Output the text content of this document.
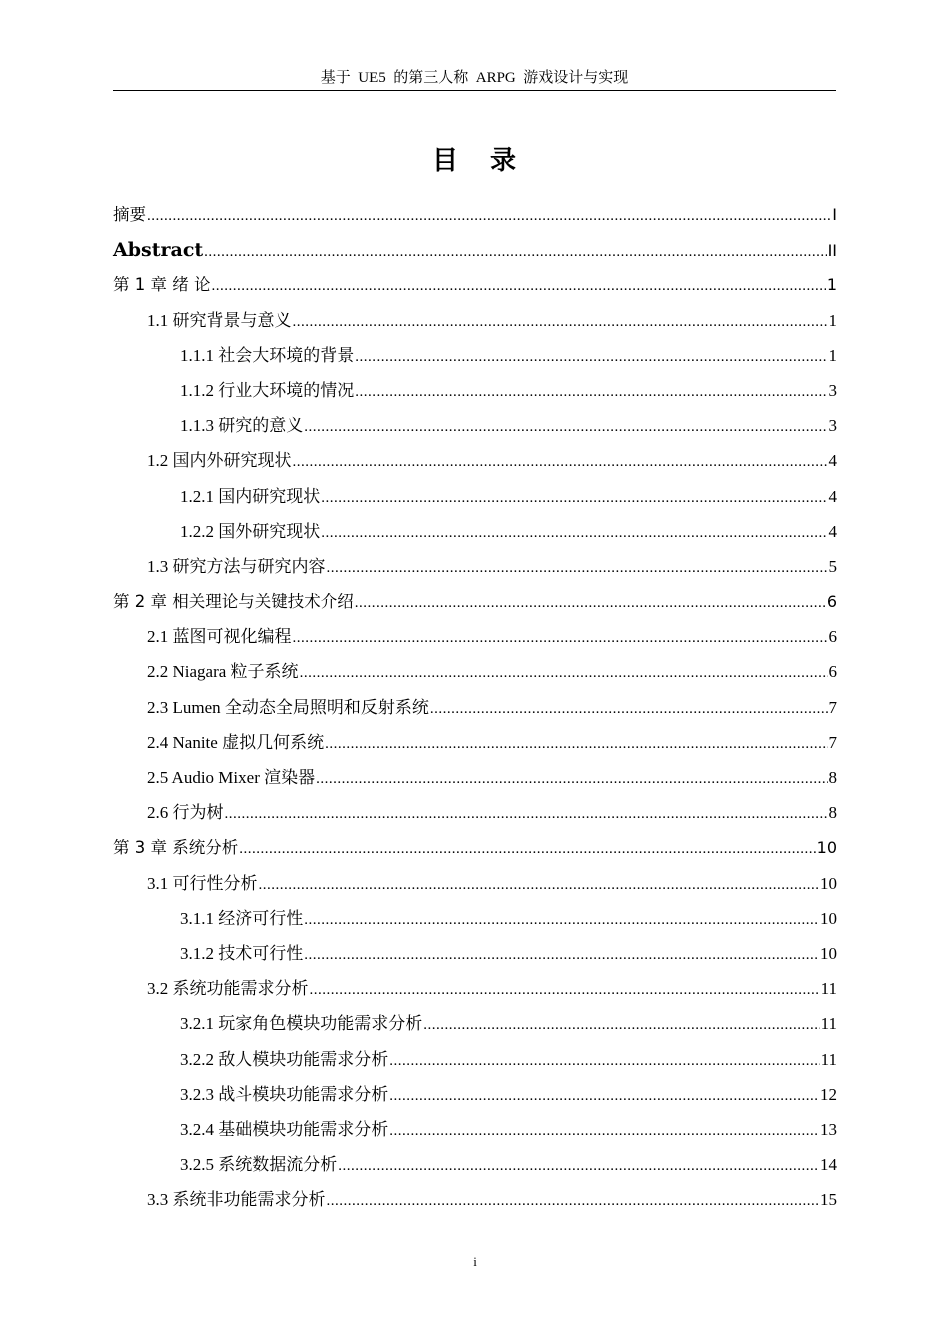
基于  UE5  的第三人称  ARPG  游戏设计与实现
目 录
摘要 .....	I
Abstract .....	II
第 1 章 绪 论 .....	1
1.1 研究背景与意义 .....	1
1.1.1 社会大环境的背景 .....	1
1.1.2 行业大环境的情况 .....	3
1.1.3 研究的意义 .....	3
1.2 国内外研究现状 .....	4
1.2.1 国内研究现状 .....	4
1.2.2 国外研究现状 .....	4
1.3 研究方法与研究内容 .....	5
第 2 章 相关理论与关键技术介绍 .....	6
2.1 蓝图可视化编程 .....	6
2.2 Niagara 粒子系统 .....	6
2.3 Lumen 全动态全局照明和反射系统 .....	7
2.4 Nanite 虚拟几何系统 .....	7
2.5 Audio Mixer 渲染器 .....	8
2.6 行为树 .....	8
第 3 章 系统分析 .....	10
3.1 可行性分析 .....	10
3.1.1 经济可行性 .....	10
3.1.2 技术可行性 .....	10
3.2 系统功能需求分析 .....	11
3.2.1 玩家角色模块功能需求分析 .....	11
3.2.2 敌人模块功能需求分析 .....	11
3.2.3 战斗模块功能需求分析 .....	12
3.2.4 基础模块功能需求分析 .....	13
3.2.5 系统数据流分析 .....	14
3.3 系统非功能需求分析 .....	15
i
